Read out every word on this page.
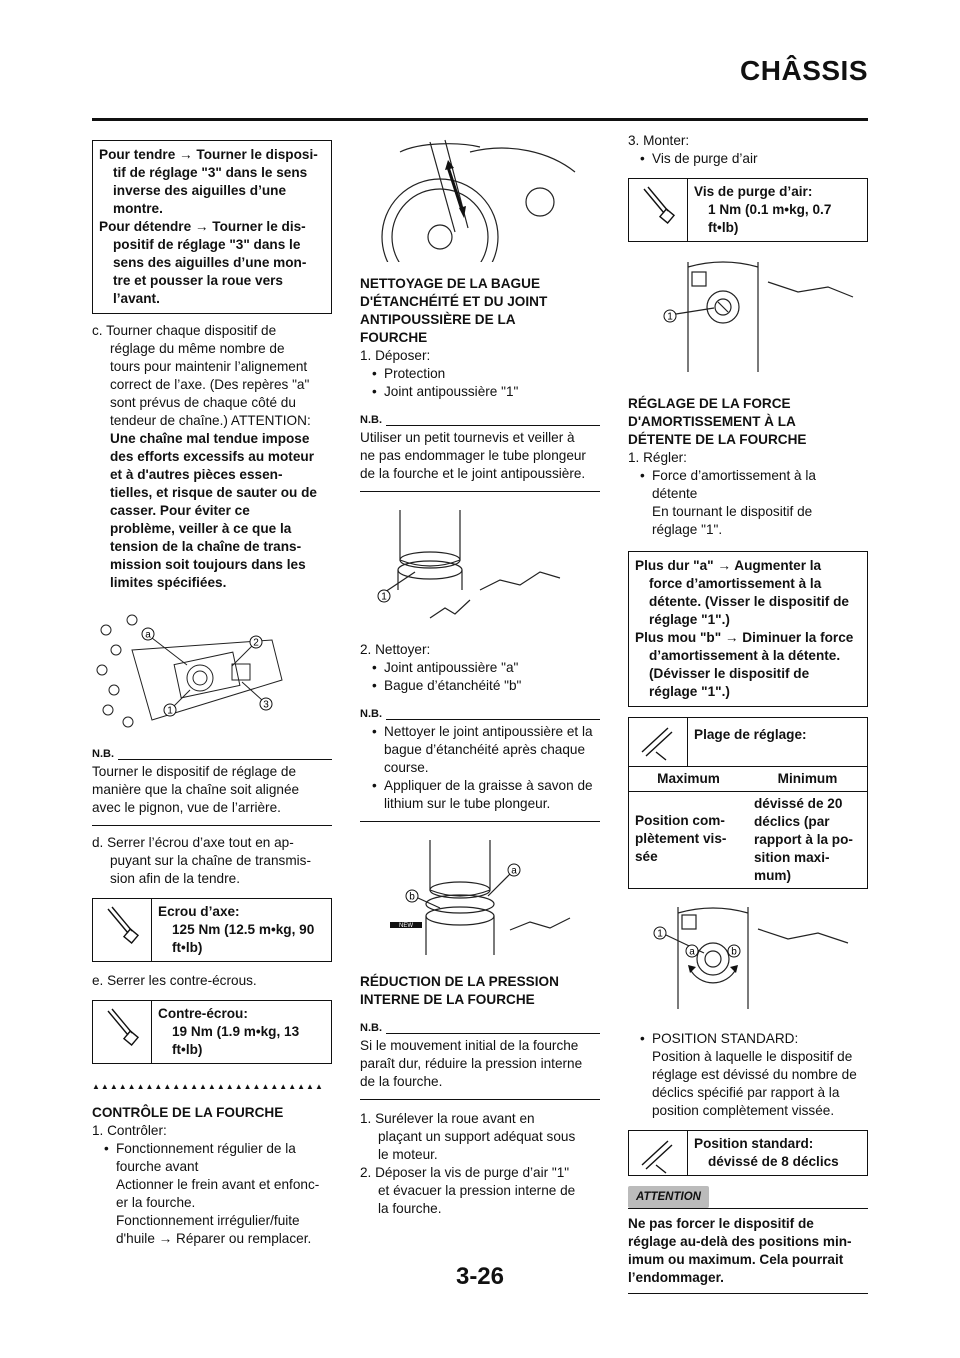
CHÂSSIS
Pour tendre → Tourner le disposi-
tif de réglage "3" dans le sens
inverse des aiguilles d’une
montre.
Pour détendre → Tourner le dis-
positif de réglage "3" dans le
sens des aiguilles d’une mon-
tre et pousser la roue vers
l’avant.
c. Tourner chaque dispositif de
réglage du même nombre de
tours pour maintenir l’alignement
correct de l’axe. (Des repères "a"
sont prévus de chaque côté du
tendeur de chaîne.) ATTENTION:
Une chaîne mal tendue impose
des efforts excessifs au moteur
et à d'autres pièces essen-
tielles, et risque de sauter ou de
casser. Pour éviter ce
problème, veiller à ce que la
tension de la chaîne de trans-
mission soit toujours dans les
limites spécifiées.
a
2
3
1
N.B.
Tourner le dispositif de réglage de
manière que la chaîne soit alignée
avec le pignon, vue de l’arrière.
d. Serrer l’écrou d’axe tout en ap-
puyant sur la chaîne de transmis-
sion afin de la tendre.
Ecrou d’axe:
125 Nm (12.5 m•kg, 90
ft•lb)
e. Serrer les contre-écrous.
Contre-écrou:
19 Nm (1.9 m•kg, 13
ft•lb)
▲▲▲▲▲▲▲▲▲▲▲▲▲▲▲▲▲▲▲▲▲▲▲▲▲▲
CONTRÔLE DE LA FOURCHE
1. Contrôler:
• Fonctionnement régulier de la
fourche avant
Actionner le frein avant et enfonc-
er la fourche.
Fonctionnement irrégulier/fuite
d'huile → Réparer ou remplacer.
NETTOYAGE DE LA BAGUE
D'ÉTANCHÉITÉ ET DU JOINT
ANTIPOUSSIÈRE DE LA
FOURCHE
1. Déposer:
• Protection
• Joint antipoussière "1"
N.B.
Utiliser un petit tournevis et veiller à
ne pas endommager le tube plongeur
de la fourche et le joint antipoussière.
1
2. Nettoyer:
• Joint antipoussière "a"
• Bague d’étanchéité "b"
N.B.
• Nettoyer le joint antipoussière et la
bague d’étanchéité après chaque
course.
• Appliquer de la graisse à savon de
lithium sur le tube plongeur.
a
b
NEW
RÉDUCTION DE LA PRESSION
INTERNE DE LA FOURCHE
N.B.
Si le mouvement initial de la fourche
paraît dur, réduire la pression interne
de la fourche.
1. Surélever la roue avant en
plaçant un support adéquat sous
le moteur.
2. Déposer la vis de purge d’air "1"
et évacuer la pression interne de
la fourche.
3. Monter:
• Vis de purge d’air
Vis de purge d’air:
1 Nm (0.1 m•kg, 0.7
ft•lb)
1
RÉGLAGE DE LA FORCE
D'AMORTISSEMENT À LA
DÉTENTE DE LA FOURCHE
1. Régler:
• Force d’amortissement à la
détente
En tournant le dispositif de
réglage "1".
Plus dur "a" → Augmenter la
force d’amortissement à la
détente. (Visser le dispositif de
réglage "1".)
Plus mou "b" → Diminuer la force
d’amortissement à la détente.
(Dévisser le dispositif de
réglage "1".)
Plage de réglage:
Maximum	Minimum
Position com-
plètement vis-
sée
dévissé de 20
déclics (par
rapport à la po-
sition maxi-
mum)
1
a	b
• POSITION STANDARD:
Position à laquelle le dispositif de
réglage est dévissé du nombre de
déclics spécifié par rapport à la
position complètement vissée.
Position standard:
dévissé de 8 déclics
ATTENTION
Ne pas forcer le dispositif de
réglage au-delà des positions min-
imum ou maximum. Cela pourrait
l’endommager.
3-26
